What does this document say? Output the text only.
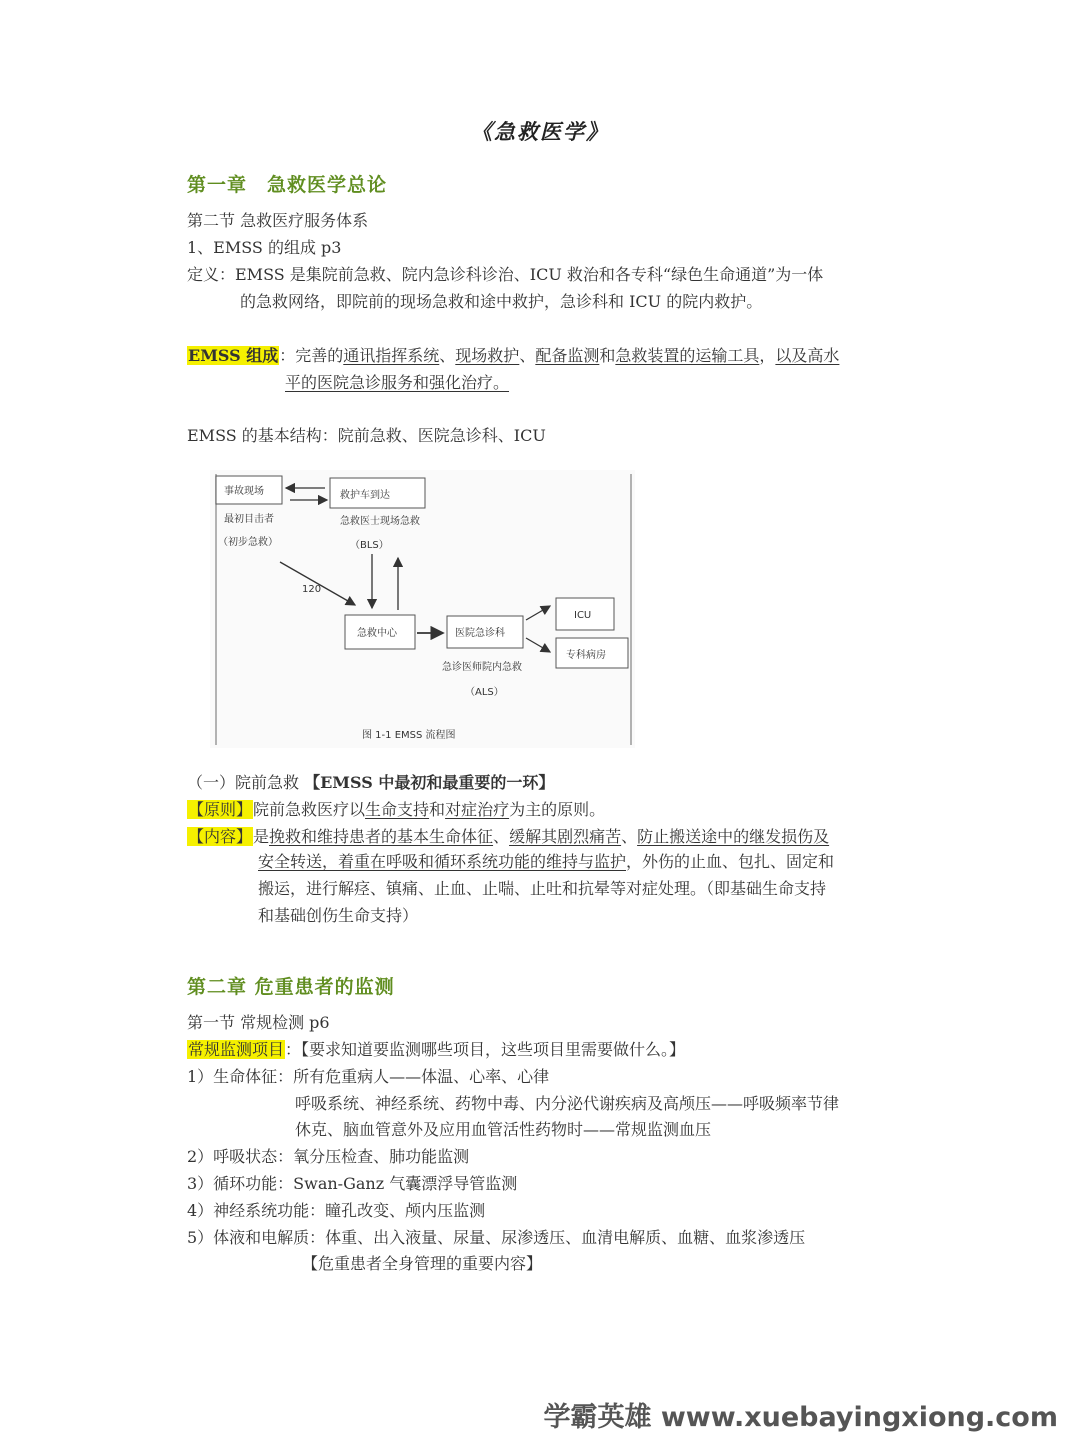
《急救医学》
第一章　急救医学总论
第二节 急救医疗服务体系
1、EMSS 的组成 p3
定义：EMSS 是集院前急救、院内急诊科诊治、ICU 救治和各专科“绿色生命通道”为一体
的急救网络，即院前的现场急救和途中救护，急诊科和 ICU 的院内救护。
EMSS 组成：完善的通讯指挥系统、现场救护、配备监测和急救装置的运输工具，以及高水
平的医院急诊服务和强化治疗。
EMSS 的基本结构：院前急救、医院急诊科、ICU
事故现场
最初目击者
（初步急救）
救护车到达
急救医士现场急救
（BLS）
120
急救中心	医院急诊科
急诊医师院内急救
（ALS）
ICU
专科病房
图 1-1 EMSS 流程图
（一）院前急救 【EMSS 中最初和最重要的一环】
【原则】院前急救医疗以生命支持和对症治疗为主的原则。
【内容】是挽救和维持患者的基本生命体征、缓解其剧烈痛苦、防止搬送途中的继发损伤及
安全转送，着重在呼吸和循环系统功能的维持与监护，外伤的止血、包扎、固定和
搬运，进行解痉、镇痛、止血、止喘、止吐和抗晕等对症处理。（即基础生命支持
和基础创伤生命支持）
第二章 危重患者的监测
第一节 常规检测 p6
常规监测项目：【要求知道要监测哪些项目，这些项目里需要做什么。】
1）生命体征：所有危重病人——体温、心率、心律
呼吸系统、神经系统、药物中毒、内分泌代谢疾病及高颅压——呼吸频率节律
休克、脑血管意外及应用血管活性药物时——常规监测血压
2）呼吸状态：氧分压检查、肺功能监测
3）循环功能：Swan-Ganz 气囊漂浮导管监测
4）神经系统功能：瞳孔改变、颅内压监测
5）体液和电解质：体重、出入液量、尿量、尿渗透压、血清电解质、血糖、血浆渗透压
【危重患者全身管理的重要内容】
学霸英雄 www.xuebayingxiong.com
